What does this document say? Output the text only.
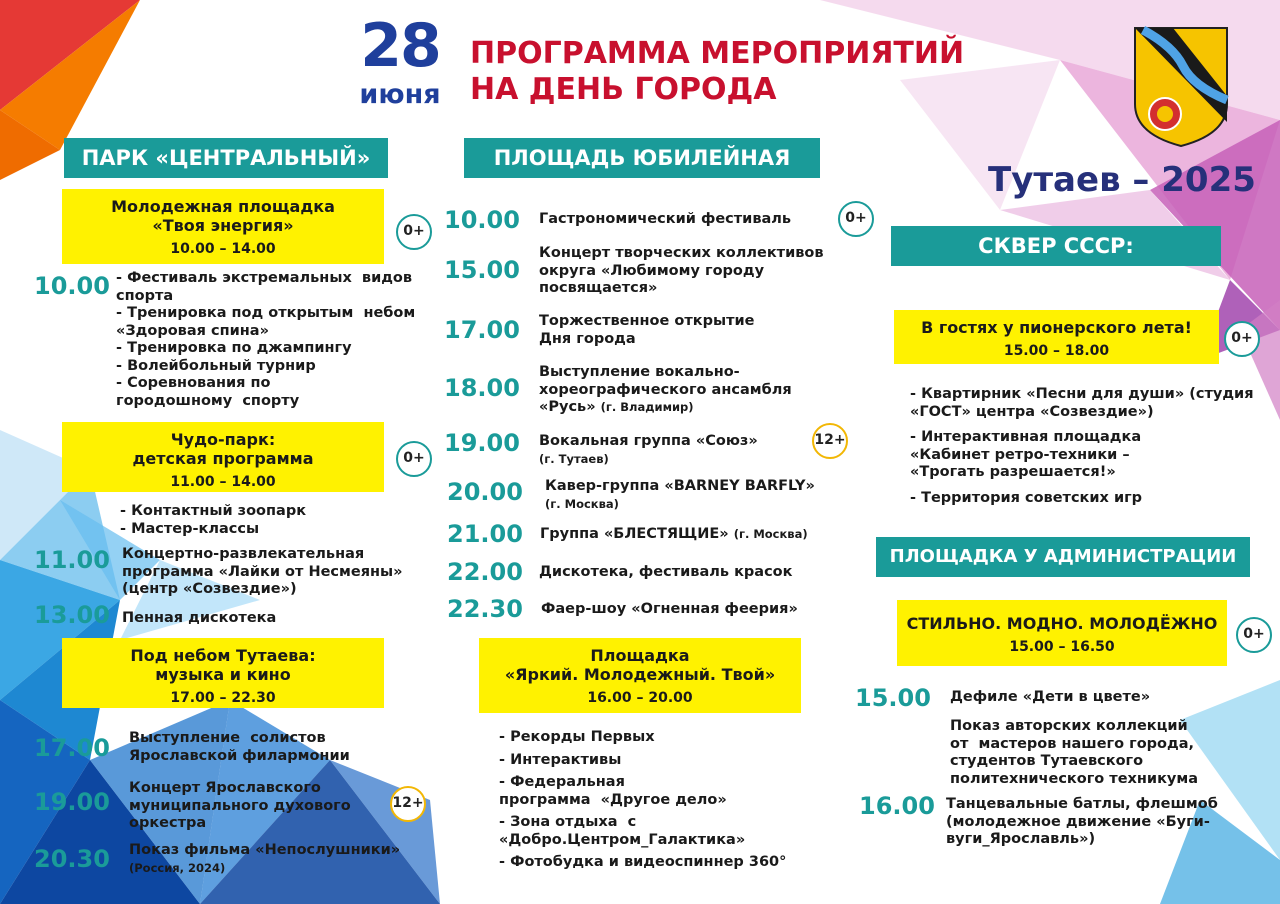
28
июня
ПРОГРАММА МЕРОПРИЯТИЙ
НА ДЕНЬ ГОРОДА
Тутаев – 2025
ПАРК «ЦЕНТРАЛЬНЫЙ»
Молодежная площадка
«Твоя энергия»
10.00 – 14.00
0+
10.00 - Фестиваль экстремальных  видов спорта
- Тренировка под открытым  небом «Здоровая спина»
- Тренировка по джампингу
- Волейбольный турнир
- Соревнования по городошному  спорту
Чудо-парк:
детская программа
11.00 – 14.00
0+
- Контактный зоопарк
- Мастер-классы
11.00 Концертно-развлекательная программа «Лайки от Несмеяны» (центр «Созвездие»)
13.00 Пенная дискотека
Под небом Тутаева:
музыка и кино
17.00 – 22.30
17.00 Выступление  солистов Ярославской филармонии
19.00 Концерт Ярославского муниципального духового оркестра
12+
20.30 Показ фильма «Непослушники» (Россия, 2024)
ПЛОЩАДЬ ЮБИЛЕЙНАЯ
10.00 Гастрономический фестиваль	0+
15.00
Концерт творческих коллективов округа «Любимому городу посвящается»
17.00 Торжественное открытие Дня города
18.00
Выступление вокально-хореографического ансамбля «Русь» (г. Владимир)
19.00 Вокальная группа «Союз»
(г. Тутаев)
12+
20.00 Кавер-группа «BARNEY BARFLY»
(г. Москва)
21.00 Группа «БЛЕСТЯЩИЕ» (г. Москва)
22.00 Дискотека, фестиваль красок
22.30 Фаер-шоу «Огненная феерия»
Площадка
«Яркий. Молодежный. Твой»
16.00 – 20.00
- Рекорды Первых
- Интерактивы
- Федеральная программа  «Другое дело»
- Зона отдыха  с «Добро.Центром_Галактика»
- Фотобудка и видеоспиннер 360°
СКВЕР СССР:
В гостях у пионерского лета!
15.00 – 18.00
0+
- Квартирник «Песни для души» (студия «ГОСТ» центра «Созвездие»)
- Интерактивная площадка «Кабинет ретро-техники – «Трогать разрешается!»
- Территория советских игр
ПЛОЩАДКА У АДМИНИСТРАЦИИ
СТИЛЬНО. МОДНО. МОЛОДЁЖНО
15.00 – 16.50
0+
15.00 Дефиле «Дети в цвете»
Показ авторских коллекций от  мастеров нашего города, студентов Тутаевского политехнического техникума
16.00 Танцевальные батлы, флешмоб (молодежное движение «Буги-вуги_Ярославль»)
